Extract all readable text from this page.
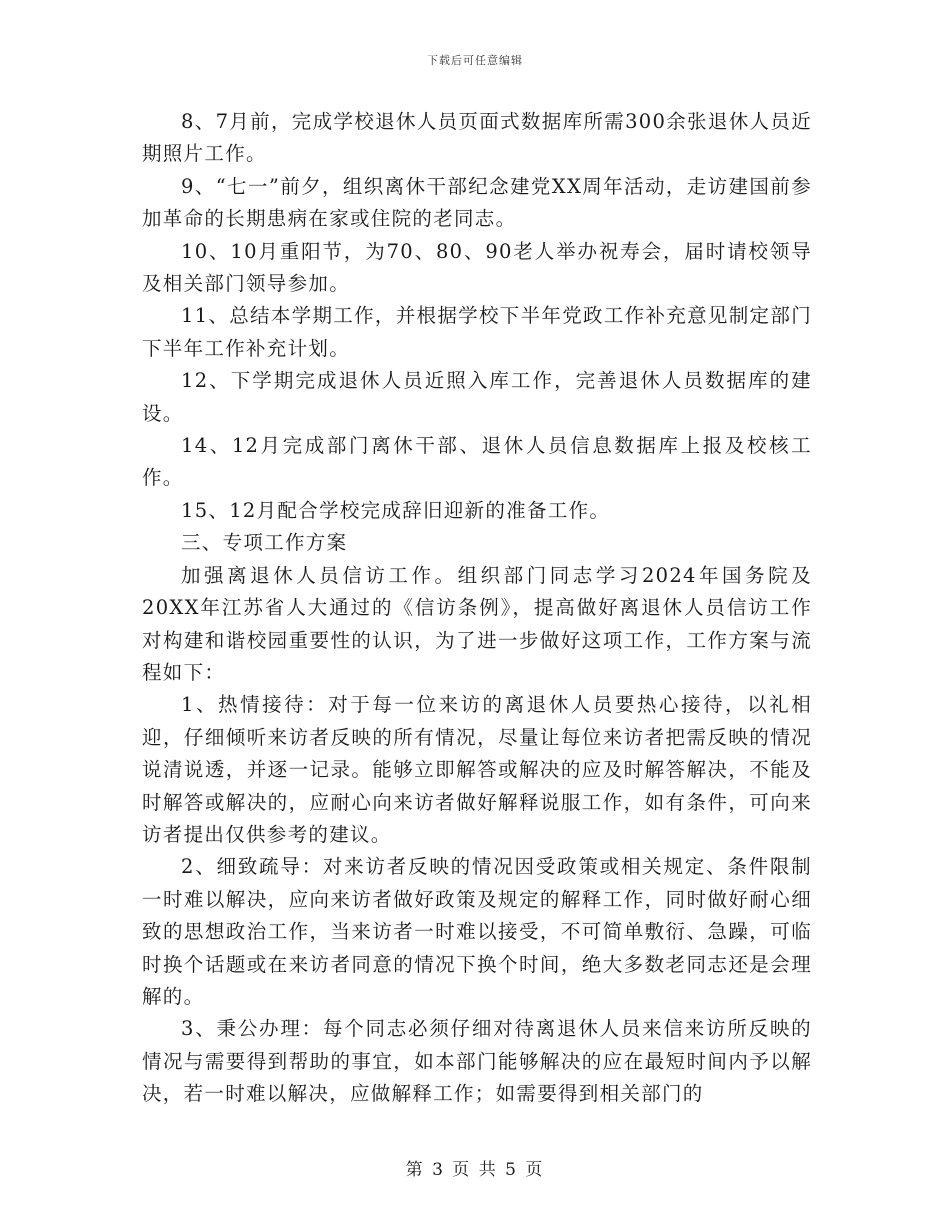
下载后可任意编辑

8、7月前，完成学校退休人员页面式数据库所需300余张退休人员近期照片工作。

9、“七一”前夕，组织离休干部纪念建党XX周年活动，走访建国前参加革命的长期患病在家或住院的老同志。

10、10月重阳节，为70、80、90老人举办祝寿会，届时请校领导及相关部门领导参加。

11、总结本学期工作，并根据学校下半年党政工作补充意见制定部门下半年工作补充计划。

12、下学期完成退休人员近照入库工作，完善退休人员数据库的建设。

14、12月完成部门离休干部、退休人员信息数据库上报及校核工作。

15、12月配合学校完成辞旧迎新的准备工作。

三、专项工作方案

加强离退休人员信访工作。组织部门同志学习2024年国务院及20XX年江苏省人大通过的《信访条例》，提高做好离退休人员信访工作对构建和谐校园重要性的认识，为了进一步做好这项工作，工作方案与流程如下：

1、热情接待：对于每一位来访的离退休人员要热心接待，以礼相迎，仔细倾听来访者反映的所有情况，尽量让每位来访者把需反映的情况说清说透，并逐一记录。能够立即解答或解决的应及时解答解决，不能及时解答或解决的，应耐心向来访者做好解释说服工作，如有条件，可向来访者提出仅供参考的建议。

2、细致疏导：对来访者反映的情况因受政策或相关规定、条件限制一时难以解决，应向来访者做好政策及规定的解释工作，同时做好耐心细致的思想政治工作，当来访者一时难以接受，不可简单敷衍、急躁，可临时换个话题或在来访者同意的情况下换个时间，绝大多数老同志还是会理解的。

3、秉公办理：每个同志必须仔细对待离退休人员来信来访所反映的情况与需要得到帮助的事宜，如本部门能够解决的应在最短时间内予以解决，若一时难以解决，应做解释工作；如需要得到相关部门的

第 3 页 共 5 页
